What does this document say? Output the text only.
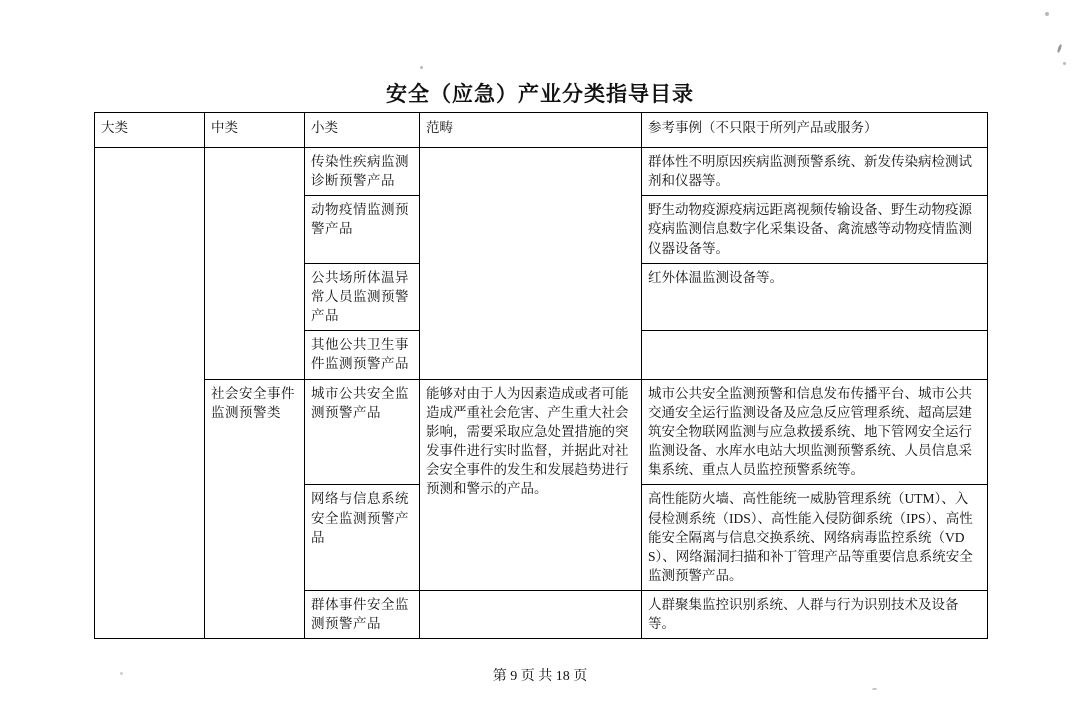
安全（应急）产业分类指导目录
大类	中类	小类	范畴	参考事例（不只限于所列产品或服务）
		传染性疾病监测诊断预警产品		群体性不明原因疾病监测预警系统、新发传染病检测试剂和仪器等。
		动物疫情监测预警产品		野生动物疫源疫病远距离视频传输设备、野生动物疫源疫病监测信息数字化采集设备、禽流感等动物疫情监测仪器设备等。
		公共场所体温异常人员监测预警产品		红外体温监测设备等。
		其他公共卫生事件监测预警产品		
	社会安全事件监测预警类	城市公共安全监测预警产品	能够对由于人为因素造成或者可能造成严重社会危害、产生重大社会影响，需要采取应急处置措施的突发事件进行实时监督，并据此对社会安全事件的发生和发展趋势进行预测和警示的产品。	城市公共安全监测预警和信息发布传播平台、城市公共交通安全运行监测设备及应急反应管理系统、超高层建筑安全物联网监测与应急救援系统、地下管网安全运行监测设备、水库水电站大坝监测预警系统、人员信息采集系统、重点人员监控预警系统等。
		网络与信息系统安全监测预警产品		高性能防火墙、高性能统一威胁管理系统（UTM）、入侵检测系统（IDS）、高性能入侵防御系统（IPS）、高性能安全隔离与信息交换系统、网络病毒监控系统（VDS）、网络漏洞扫描和补丁管理产品等重要信息系统安全监测预警产品。
		群体事件安全监测预警产品		人群聚集监控识别系统、人群与行为识别技术及设备等。
第 9 页 共 18 页
